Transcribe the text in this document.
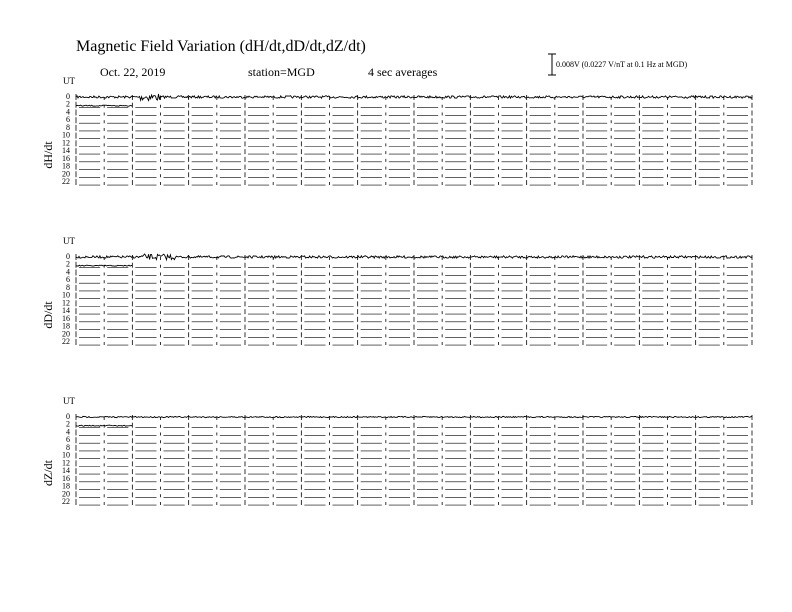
Magnetic Field Variation (dH/dt,dD/dt,dZ/dt)
Oct. 22, 2019	station=MGD	4 sec averages
0.008V (0.0227 V/nT at 0.1 Hz at MGD)
UT
dH/dt
0
2
4
6
8
10
12
14
16
18
20
22
UT
dD/dt
0
2
4
6
8
10
12
14
16
18
20
22
UT
dZ/dt
0
2
4
6
8
10
12
14
16
18
20
22
